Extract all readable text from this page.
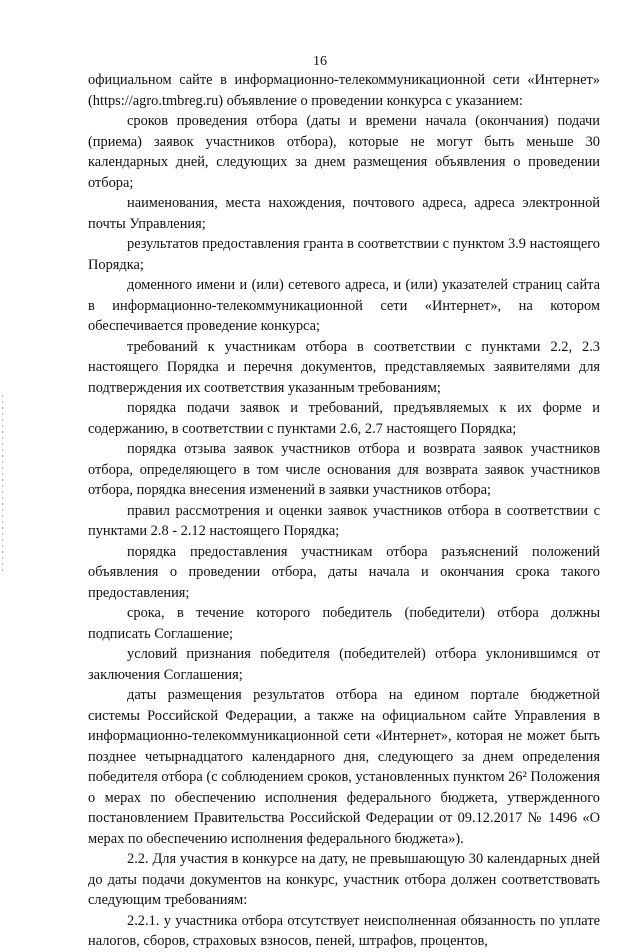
16

официальном сайте в информационно-телекоммуникационной сети «Интернет» (https://agro.tmbreg.ru) объявление о проведении конкурса с указанием:

сроков проведения отбора (даты и времени начала (окончания) подачи (приема) заявок участников отбора), которые не могут быть меньше 30 календарных дней, следующих за днем размещения объявления о проведении отбора;

наименования, места нахождения, почтового адреса, адреса электронной почты Управления;

результатов предоставления гранта в соответствии с пунктом 3.9 настоящего Порядка;

доменного имени и (или) сетевого адреса, и (или) указателей страниц сайта в информационно-телекоммуникационной сети «Интернет», на котором обеспечивается проведение конкурса;

требований к участникам отбора в соответствии с пунктами 2.2, 2.3 настоящего Порядка и перечня документов, представляемых заявителями для подтверждения их соответствия указанным требованиям;

порядка подачи заявок и требований, предъявляемых к их форме и содержанию, в соответствии с пунктами 2.6, 2.7 настоящего Порядка;

порядка отзыва заявок участников отбора и возврата заявок участников отбора, определяющего в том числе основания для возврата заявок участников отбора, порядка внесения изменений в заявки участников отбора;

правил рассмотрения и оценки заявок участников отбора в соответствии с пунктами 2.8 - 2.12 настоящего Порядка;

порядка предоставления участникам отбора разъяснений положений объявления о проведении отбора, даты начала и окончания срока такого предоставления;

срока, в течение которого победитель (победители) отбора должны подписать Соглашение;

условий признания победителя (победителей) отбора уклонившимся от заключения Соглашения;

даты размещения результатов отбора на едином портале бюджетной системы Российской Федерации, а также на официальном сайте Управления в информационно-телекоммуникационной сети «Интернет», которая не может быть позднее четырнадцатого календарного дня, следующего за днем определения победителя отбора (с соблюдением сроков, установленных пунктом 26² Положения о мерах по обеспечению исполнения федерального бюджета, утвержденного постановлением Правительства Российской Федерации от 09.12.2017 № 1496 «О мерах по обеспечению исполнения федерального бюджета»).

2.2. Для участия в конкурсе на дату, не превышающую 30 календарных дней до даты подачи документов на конкурс, участник отбора должен соответствовать следующим требованиям:

2.2.1. у участника отбора отсутствует неисполненная обязанность по уплате налогов, сборов, страховых взносов, пеней, штрафов, процентов,
